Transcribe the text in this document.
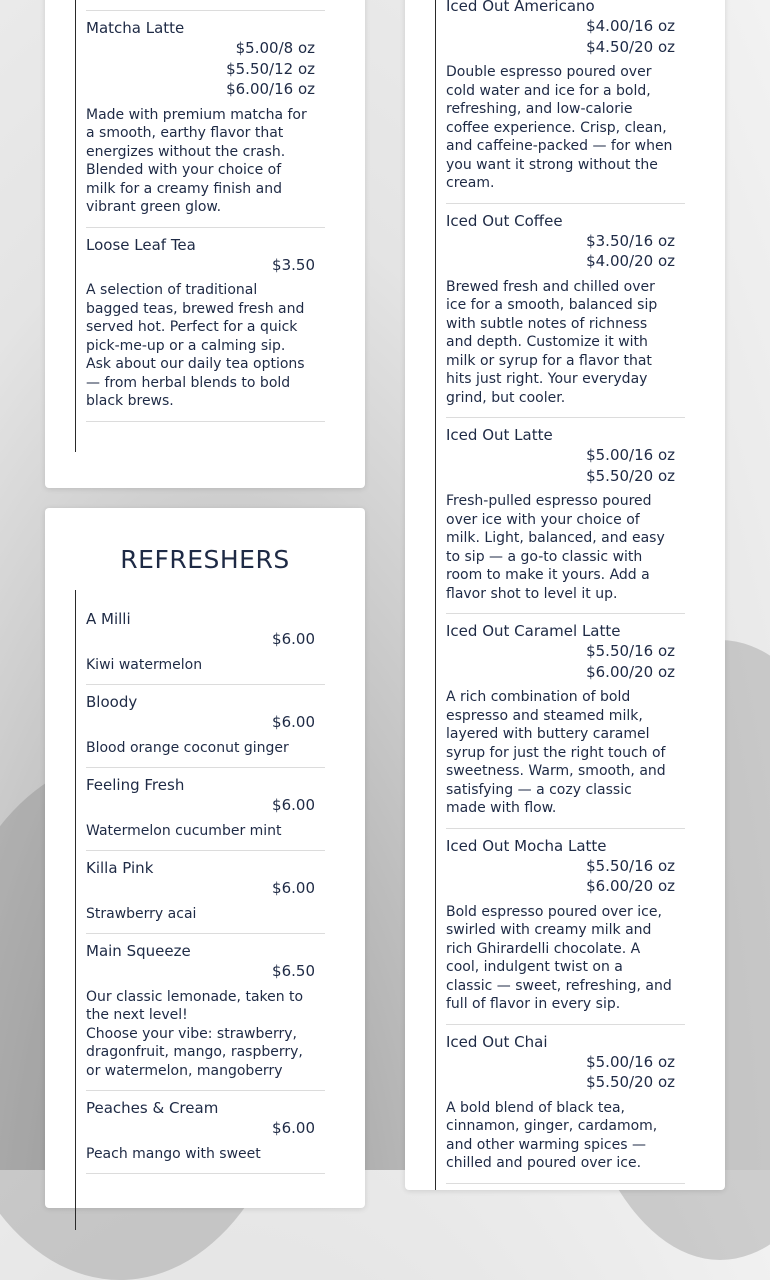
Matcha Latte
$5.00/8 oz
$5.50/12 oz
$6.00/16 oz
Made with premium matcha for a smooth, earthy flavor that energizes without the crash. Blended with your choice of milk for a creamy finish and vibrant green glow.
Loose Leaf Tea
$3.50
A selection of traditional bagged teas, brewed fresh and served hot. Perfect for a quick pick-me-up or a calming sip. Ask about our daily tea options — from herbal blends to bold black brews.
REFRESHERS
A Milli
$6.00
Kiwi watermelon
Bloody
$6.00
Blood orange coconut ginger
Feeling Fresh
$6.00
Watermelon cucumber mint
Killa Pink
$6.00
Strawberry acai
Main Squeeze
$6.50
Our classic lemonade, taken to the next level!
Choose your vibe: strawberry, dragonfruit, mango, raspberry, or watermelon, mangoberry
Peaches & Cream
$6.00
Peach mango with sweet
Iced Out Americano
$4.00/16 oz
$4.50/20 oz
Double espresso poured over cold water and ice for a bold, refreshing, and low-calorie coffee experience. Crisp, clean, and caffeine-packed — for when you want it strong without the cream.
Iced Out Coffee
$3.50/16 oz
$4.00/20 oz
Brewed fresh and chilled over ice for a smooth, balanced sip with subtle notes of richness and depth. Customize it with milk or syrup for a flavor that hits just right. Your everyday grind, but cooler.
Iced Out Latte
$5.00/16 oz
$5.50/20 oz
Fresh-pulled espresso poured over ice with your choice of milk. Light, balanced, and easy to sip — a go-to classic with room to make it yours. Add a flavor shot to level it up.
Iced Out Caramel Latte
$5.50/16 oz
$6.00/20 oz
A rich combination of bold espresso and steamed milk, layered with buttery caramel syrup for just the right touch of sweetness. Warm, smooth, and satisfying — a cozy classic made with flow.
Iced Out Mocha Latte
$5.50/16 oz
$6.00/20 oz
Bold espresso poured over ice, swirled with creamy milk and rich Ghirardelli chocolate. A cool, indulgent twist on a classic — sweet, refreshing, and full of flavor in every sip.
Iced Out Chai
$5.00/16 oz
$5.50/20 oz
A bold blend of black tea, cinnamon, ginger, cardamom, and other warming spices — chilled and poured over ice.
